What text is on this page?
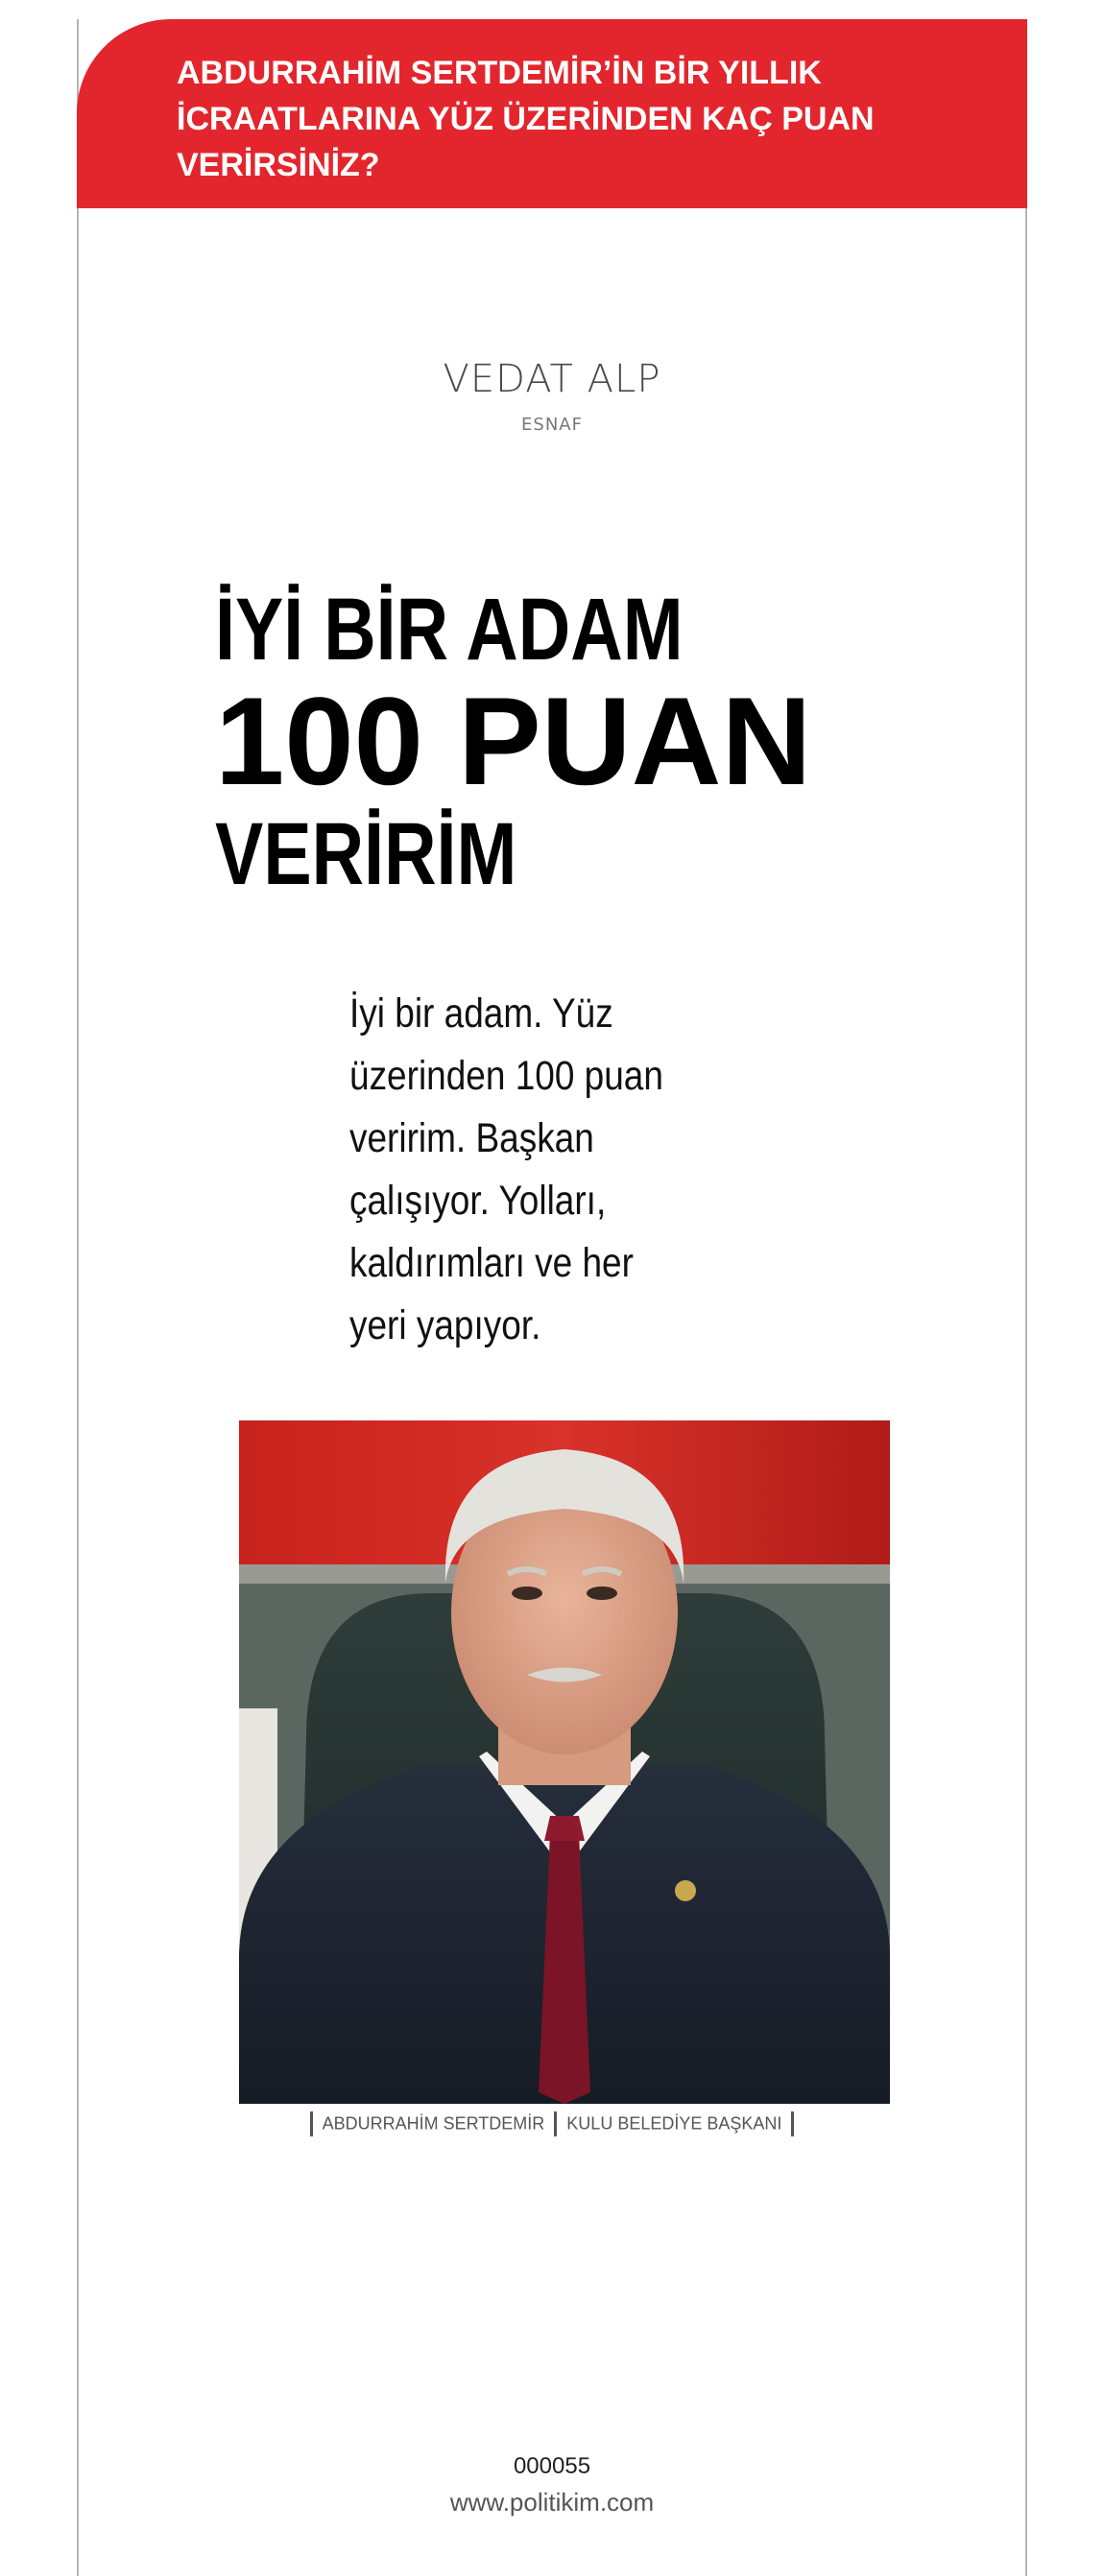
ABDURRAHİM SERTDEMİR’İN BİR YILLIK
İCRAATLARINA YÜZ ÜZERİNDEN KAÇ PUAN
VERİRSİNİZ?

VEDAT ALP
ESNAF
İYİ BİR ADAM
100 PUAN
VERİRİM
İyi bir adam. Yüz
üzerinden 100 puan
veririm. Başkan
çalışıyor. Yolları,
kaldırımları ve her
yeri yapıyor.
ABDURRAHİM SERTDEMİR KULU BELEDİYE BAŞKANI
000055
www.politikim.com
